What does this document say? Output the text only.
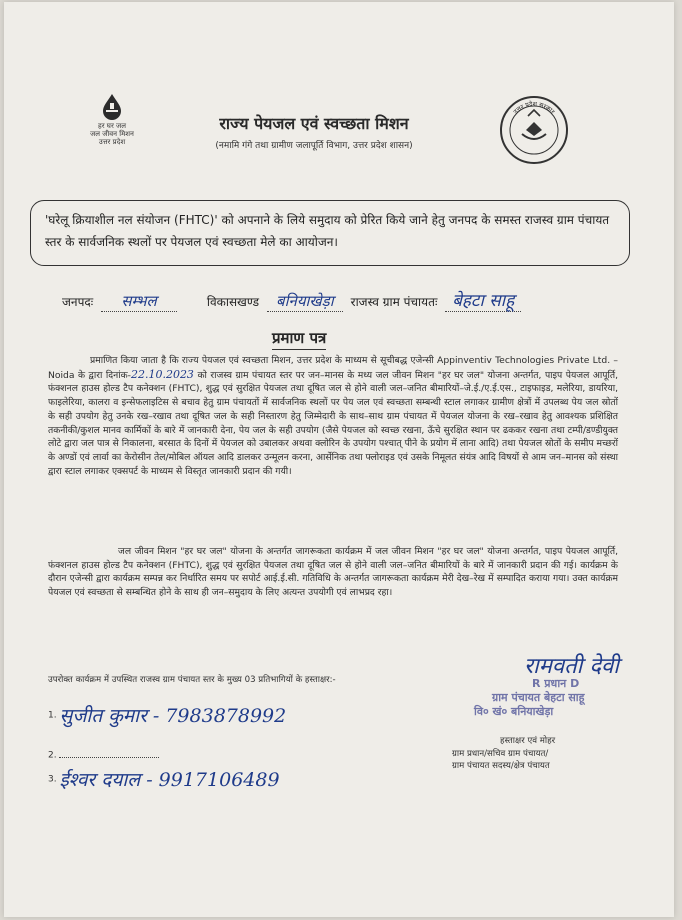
हर घर जल
जल जीवन मिशन
उत्तर प्रदेश
राज्य पेयजल एवं स्वच्छता मिशन
(नमामि गंगे तथा ग्रामीण जलापूर्ति विभाग, उत्तर प्रदेश शासन)
उत्तर प्रदेश सरकार
'घरेलू क्रियाशील नल संयोजन (FHTC)' को अपनाने के लिये समुदाय को प्रेरित किये जाने हेतु जनपद के समस्त राजस्व ग्राम पंचायत स्तर के सार्वजनिक स्थलों पर पेयजल एवं स्वच्छता मेले का आयोजन।
जनपदः सम्भल	विकासखण्ड बनियाखेड़ा राजस्व ग्राम पंचायतः बेहटा साहू
प्रमाण पत्र
प्रमाणित किया जाता है कि राज्य पेयजल एवं स्वच्छता मिशन, उत्तर प्रदेश के माध्यम से सूचीबद्ध एजेन्सी Appinventiv Technologies Private Ltd. – Noida के द्वारा दिनांक-22.10.2023 को राजस्व ग्राम पंचायत स्तर पर जन–मानस के मध्य जल जीवन मिशन "हर घर जल" योजना अन्तर्गत, पाइप पेयजल आपूर्ति, फंक्शनल हाउस होल्ड टैप कनेक्शन (FHTC), शुद्ध एवं सुरक्षित पेयजल तथा दूषित जल से होने वाली जल–जनित बीमारियों–जे.ई./ए.ई.एस., टाइफाइड, मलेरिया, डायरिया, फाइलेरिया, कालरा व इन्सेफलाइटिस से बचाव हेतु ग्राम पंचायतों में सार्वजनिक स्थलों पर पेय जल एवं स्वच्छता सम्बन्धी स्टाल लगाकर ग्रामीण क्षेत्रों में उपलब्ध पेय जल स्रोतों के सही उपयोग हेतु उनके रख–रखाव तथा दूषित जल के सही निस्तारण हेतु जिम्मेदारी के साथ–साथ ग्राम पंचायत में पेयजल योजना के रख–रखाव हेतु आवश्यक प्रशिक्षित तकनीकी/कुशल मानव कार्मिकों के बारे में जानकारी देना, पेय जल के सही उपयोग (जैसे पेयजल को स्वच्छ रखना, ऊँचे सुरक्षित स्थान पर ढककर रखना तथा टम्पी/डण्डीयुक्त लोटे द्वारा जल पात्र से निकालना, बरसात के दिनों में पेयजल को उबालकर अथवा क्लोरिन के उपयोग पश्चात् पीने के प्रयोग में लाना आदि) तथा पेयजल स्रोतों के समीप मच्छरों के अण्डों एवं लार्वा का केरोसीन तेल/मोबिल ऑयल आदि डालकर उन्मूलन करना, आर्सेनिक तथा फ्लोराइड एवं उसके निमूलत संयंत्र आदि विषयों से आम जन–मानस को संस्था द्वारा स्टाल लगाकर एक्सपर्ट के माध्यम से विस्तृत जानकारी प्रदान की गयी।
जल जीवन मिशन "हर घर जल" योजना के अन्तर्गत जागरूकता कार्यक्रम में जल जीवन मिशन "हर घर जल" योजना अन्तर्गत, पाइप पेयजल आपूर्ति, फंक्शनल हाउस होल्ड टैप कनेक्शन (FHTC), शुद्ध एवं सुरक्षित पेयजल तथा दूषित जल से होने वाली जल–जनित बीमारियों के बारे में जानकारी प्रदान की गई। कार्यक्रम के दौरान एजेन्सी द्वारा कार्यक्रम सम्पन्न कर निर्धारित समय पर सपोर्ट आई.ई.सी. गतिविधि के अन्तर्गत जागरूकता कार्यक्रम मेरी देख–रेख में सम्पादित कराया गया। उक्त कार्यक्रम पेयजल एवं स्वच्छता से सम्बन्धित होने के साथ ही जन–समुदाय के लिए अत्यन्त उपयोगी एवं लाभप्रद रहा।
उपरोक्त कार्यक्रम में उपस्थित राजस्व ग्राम पंचायत स्तर के मुख्य 03 प्रतिभागियों के हस्ताक्षर:-
1. सुजीत कुमार - 7983878992
2.
3. ईश्वर दयाल - 9917106489
रामवती देवी
R प्रधान D
ग्राम पंचायत बेहटा साहू
वि० खं० बनियाखेड़ा
हस्ताक्षर एवं मोहर
ग्राम प्रधान/सचिव ग्राम पंचायत/
ग्राम पंचायत सदस्य/क्षेत्र पंचायत
